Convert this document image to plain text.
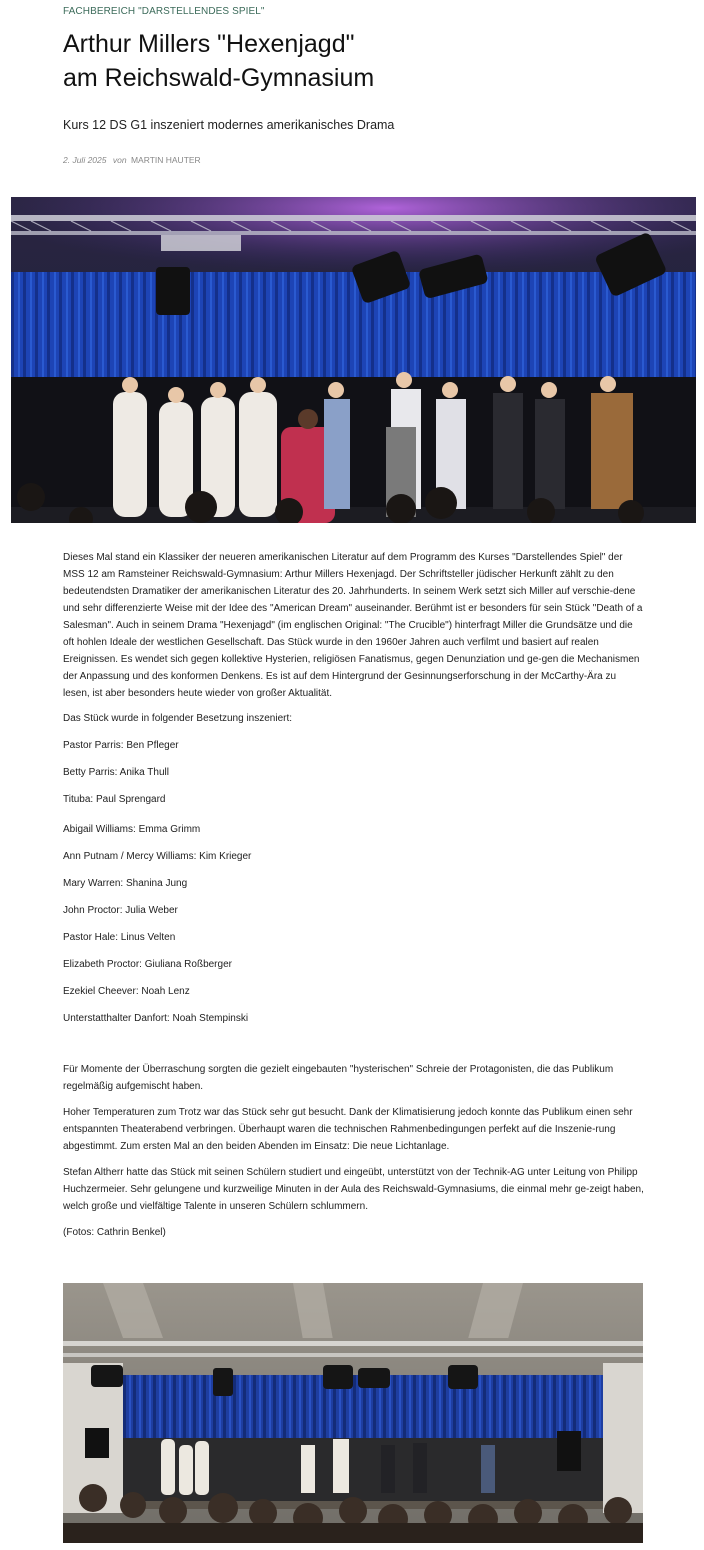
FACHBEREICH "DARSTELLENDES SPIEL"
Arthur Millers "Hexenjagd"
am Reichswald-Gymnasium
Kurs 12 DS G1 inszeniert modernes amerikanisches Drama
2. Juli 2025 von MARTIN HAUTER

Dieses Mal stand ein Klassiker der neueren amerikanischen Literatur auf dem Programm des Kurses "Darstellendes Spiel" der MSS 12 am Ramsteiner Reichswald-Gymnasium: Arthur Millers Hexenjagd. Der Schriftsteller jüdischer Herkunft zählt zu den bedeutendsten Dramatiker der amerikanischen Literatur des 20. Jahrhunderts. In seinem Werk setzt sich Miller auf verschie-dene und sehr differenzierte Weise mit der Idee des "American Dream" auseinander. Berühmt ist er besonders für sein Stück "Death of a Salesman". Auch in seinem Drama "Hexenjagd" (im englischen Original: "The Crucible") hinterfragt Miller die Grundsätze und die oft hohlen Ideale der westlichen Gesellschaft. Das Stück wurde in den 1960er Jahren auch verfilmt und basiert auf realen Ereignissen. Es wendet sich gegen kollektive Hysterien, religiösen Fanatismus, gegen Denunziation und ge-gen die Mechanismen der Anpassung und des konformen Denkens. Es ist auf dem Hintergrund der Gesinnungserforschung in der McCarthy-Ära zu lesen, ist aber besonders heute wieder von großer Aktualität.

Das Stück wurde in folgender Besetzung inszeniert:

Pastor Parris: Ben Pfleger
Betty Parris: Anika Thull
Tituba: Paul Sprengard
Abigail Williams: Emma Grimm
Ann Putnam / Mercy Williams: Kim Krieger
Mary Warren: Shanina Jung
John Proctor: Julia Weber
Pastor Hale: Linus Velten
Elizabeth Proctor: Giuliana Roßberger
Ezekiel Cheever: Noah Lenz
Unterstatthalter Danfort: Noah Stempinski

Für Momente der Überraschung sorgten die gezielt eingebauten "hysterischen" Schreie der Protagonisten, die das Publikum regelmäßig aufgemischt haben.

Hoher Temperaturen zum Trotz war das Stück sehr gut besucht. Dank der Klimatisierung jedoch konnte das Publikum einen sehr entspannten Theaterabend verbringen. Überhaupt waren die technischen Rahmenbedingungen perfekt auf die Inszenie-rung abgestimmt. Zum ersten Mal an den beiden Abenden im Einsatz: Die neue Lichtanlage.

Stefan Altherr hatte das Stück mit seinen Schülern studiert und eingeübt, unterstützt von der Technik-AG unter Leitung von Philipp Huchzermeier. Sehr gelungene und kurzweilige Minuten in der Aula des Reichswald-Gymnasiums, die einmal mehr ge-zeigt haben, welch große und vielfältige Talente in unseren Schülern schlummern.

(Fotos: Cathrin Benkel)
